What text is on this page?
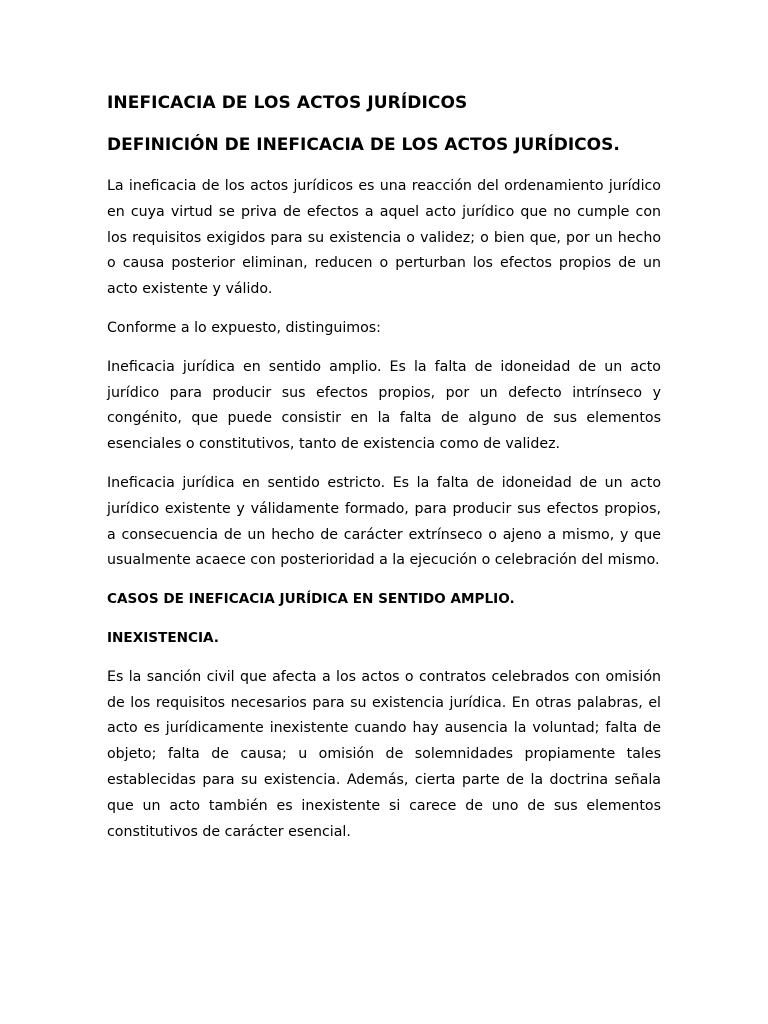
INEFICACIA DE LOS ACTOS JURÍDICOS
DEFINICIÓN DE INEFICACIA DE LOS ACTOS JURÍDICOS.

La ineficacia de los actos jurídicos es una reacción del ordenamiento jurídico en cuya virtud se priva de efectos a aquel acto jurídico que no cumple con los requisitos exigidos para su existencia o validez; o bien que, por un hecho o causa posterior eliminan, reducen o perturban los efectos propios de un acto existente y válido.

Conforme a lo expuesto, distinguimos:

Ineficacia jurídica en sentido amplio. Es la falta de idoneidad de un acto jurídico para producir sus efectos propios, por un defecto intrínseco y congénito, que puede consistir en la falta de alguno de sus elementos esenciales o constitutivos, tanto de existencia como de validez.

Ineficacia jurídica en sentido estricto. Es la falta de idoneidad de un acto jurídico existente y válidamente formado, para producir sus efectos propios, a consecuencia de un hecho de carácter extrínseco o ajeno a mismo, y que usualmente acaece con posterioridad a la ejecución o celebración del mismo.

CASOS DE INEFICACIA JURÍDICA EN SENTIDO AMPLIO.
INEXISTENCIA.

Es la sanción civil que afecta a los actos o contratos celebrados con omisión de los requisitos necesarios para su existencia jurídica. En otras palabras, el acto es jurídicamente inexistente cuando hay ausencia la voluntad; falta de objeto; falta de causa; u omisión de solemnidades propiamente tales establecidas para su existencia. Además, cierta parte de la doctrina señala que un acto también es inexistente si carece de uno de sus elementos constitutivos de carácter esencial.
